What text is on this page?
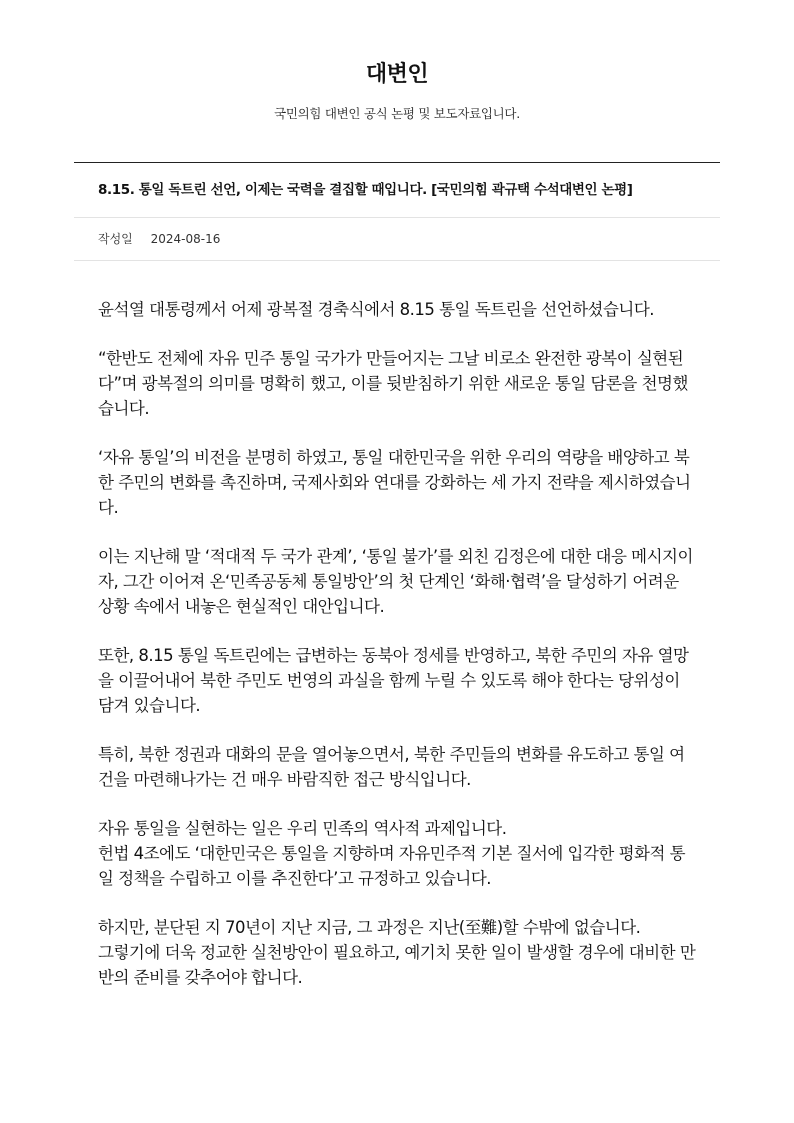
대변인

국민의힘 대변인 공식 논평 및 보도자료입니다.

8.15. 통일 독트린 선언, 이제는 국력을 결집할 때입니다. [국민의힘 곽규택 수석대변인 논평]
작성일 2024-08-16

윤석열 대통령께서 어제 광복절 경축식에서 8.15 통일 독트린을 선언하셨습니다.

“한반도 전체에 자유 민주 통일 국가가 만들어지는 그날 비로소 완전한 광복이 실현된다”며 광복절의 의미를 명확히 했고, 이를 뒷받침하기 위한 새로운 통일 담론을 천명했습니다.

‘자유 통일’의 비전을 분명히 하였고, 통일 대한민국을 위한 우리의 역량을 배양하고 북한 주민의 변화를 촉진하며, 국제사회와 연대를 강화하는 세 가지 전략을 제시하였습니다.

이는 지난해 말 ‘적대적 두 국가 관계’, ‘통일 불가’를 외친 김정은에 대한 대응 메시지이자, 그간 이어져 온‘민족공동체 통일방안’의 첫 단계인 ‘화해·협력’을 달성하기 어려운 상황 속에서 내놓은 현실적인 대안입니다.

또한, 8.15 통일 독트린에는 급변하는 동북아 정세를 반영하고, 북한 주민의 자유 열망을 이끌어내어 북한 주민도 번영의 과실을 함께 누릴 수 있도록 해야 한다는 당위성이 담겨 있습니다.

특히, 북한 정권과 대화의 문을 열어놓으면서, 북한 주민들의 변화를 유도하고 통일 여건을 마련해나가는 건 매우 바람직한 접근 방식입니다.

자유 통일을 실현하는 일은 우리 민족의 역사적 과제입니다.
헌법 4조에도 ‘대한민국은 통일을 지향하며 자유민주적 기본 질서에 입각한 평화적 통일 정책을 수립하고 이를 추진한다’고 규정하고 있습니다.

하지만, 분단된 지 70년이 지난 지금, 그 과정은 지난(至難)할 수밖에 없습니다.
그렇기에 더욱 정교한 실천방안이 필요하고, 예기치 못한 일이 발생할 경우에 대비한 만반의 준비를 갖추어야 합니다.
